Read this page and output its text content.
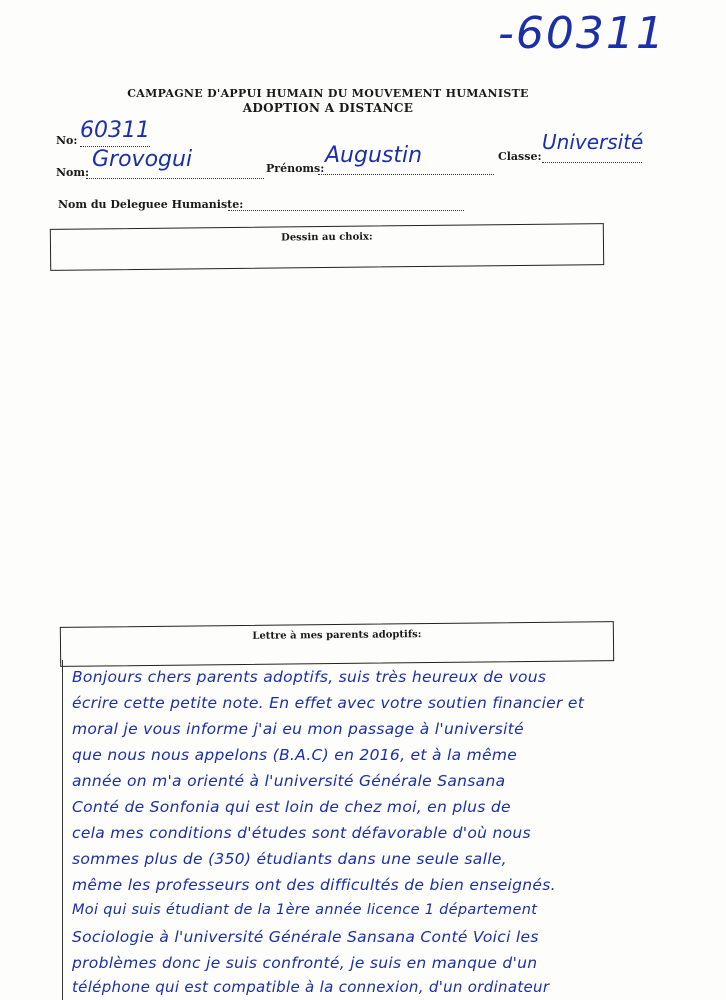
-60311
CAMPAGNE D'APPUI HUMAIN DU MOUVEMENT HUMANISTE

ADOPTION A DISTANCE
No: 60311
Nom:
Grovogui	Prénoms:
Augustin	Classe:
Université
Nom du Deleguee Humaniste:
Dessin au choix:
Lettre à mes parents adoptifs:
Bonjours chers parents adoptifs, suis très heureux de vous
écrire cette petite note. En effet avec votre soutien financier et
moral je vous informe j'ai eu mon passage à l'université
que nous nous appelons (B.A.C) en 2016, et à la même
année on m'a orienté à l'université Générale Sansana
Conté de Sonfonia qui est loin de chez moi, en plus de
cela mes conditions d'études sont défavorable d'où nous
sommes plus de (350) étudiants dans une seule salle,
même les professeurs ont des difficultés de bien enseignés.
Moi qui suis étudiant de la 1ère année licence 1 département
Sociologie à l'université Générale Sansana Conté Voici les
problèmes donc je suis confronté, je suis en manque d'un
téléphone qui est compatible à la connexion, d'un ordinateur
